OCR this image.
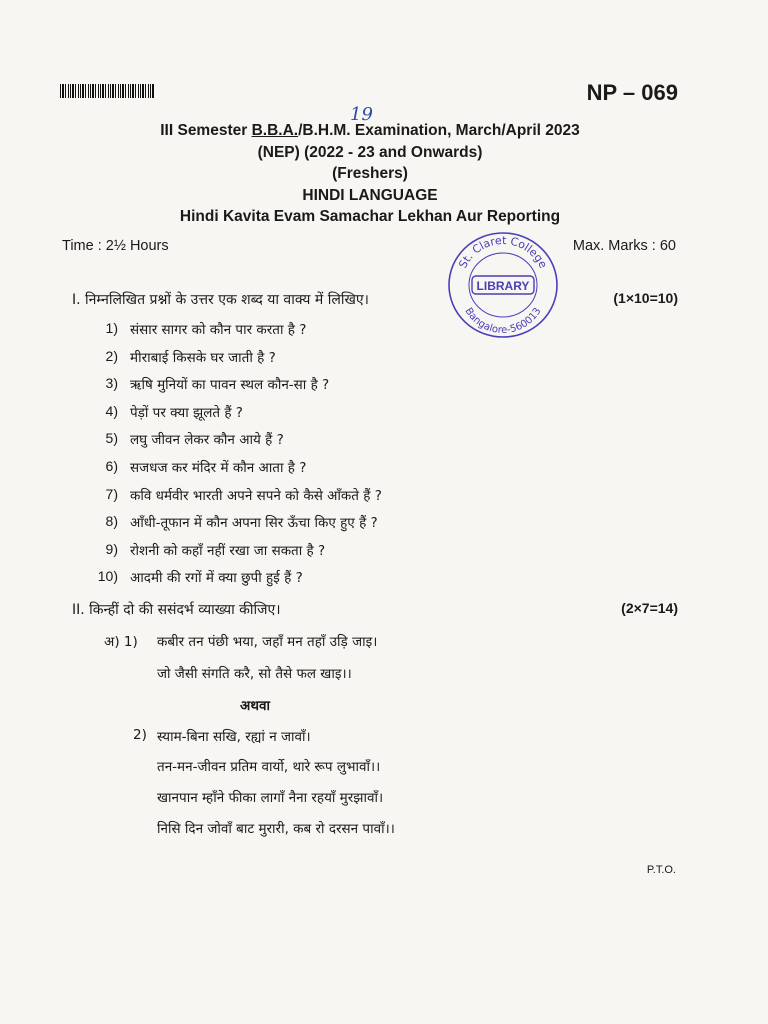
NP – 069
19
III Semester B.B.A./B.H.M. Examination, March/April 2023
(NEP) (2022 - 23 and Onwards)
(Freshers)
HINDI LANGUAGE
Hindi Kavita Evam Samachar Lekhan Aur Reporting
Time : 2½ Hours	Max. Marks : 60
St. Claret College
LIBRARY
Bangalore-560013
I. निम्नलिखित प्रश्नों के उत्तर एक शब्द या वाक्य में लिखिए।	(1×10=10)
1) संसार सागर को कौन पार करता है ?
2) मीराबाई किसके घर जाती है ?
3) ऋषि मुनियों का पावन स्थल कौन-सा है ?
4) पेड़ों पर क्या झूलते हैं ?
5) लघु जीवन लेकर कौन आये हैं ?
6) सजधज कर मंदिर में कौन आता है ?
7) कवि धर्मवीर भारती अपने सपने को कैसे आँकते हैं ?
8) आँधी-तूफान में कौन अपना सिर ऊँचा किए हुए हैं ?
9) रोशनी को कहाँ नहीं रखा जा सकता है ?
10) आदमी की रगों में क्या छुपी हुई हैं ?
II. किन्हीं दो की ससंदर्भ व्याख्या कीजिए।	(2×7=14)
अ) 1) कबीर तन पंछी भया, जहाँ मन तहाँ उड़ि जाइ।
जो जैसी संगति करै, सो तैसे फल खाइ।।
अथवा
2) स्याम-बिना सखि, रह्यां न जावाँ।
तन-मन-जीवन प्रतिम वार्यो, थारे रूप लुभावाँ।।
खानपान म्हाँने फीका लागाँ नैना रहयाँ मुरझावाँ।
निसि दिन जोवाँ बाट मुरारी, कब रो दरसन पावाँ।।
P.T.O.
